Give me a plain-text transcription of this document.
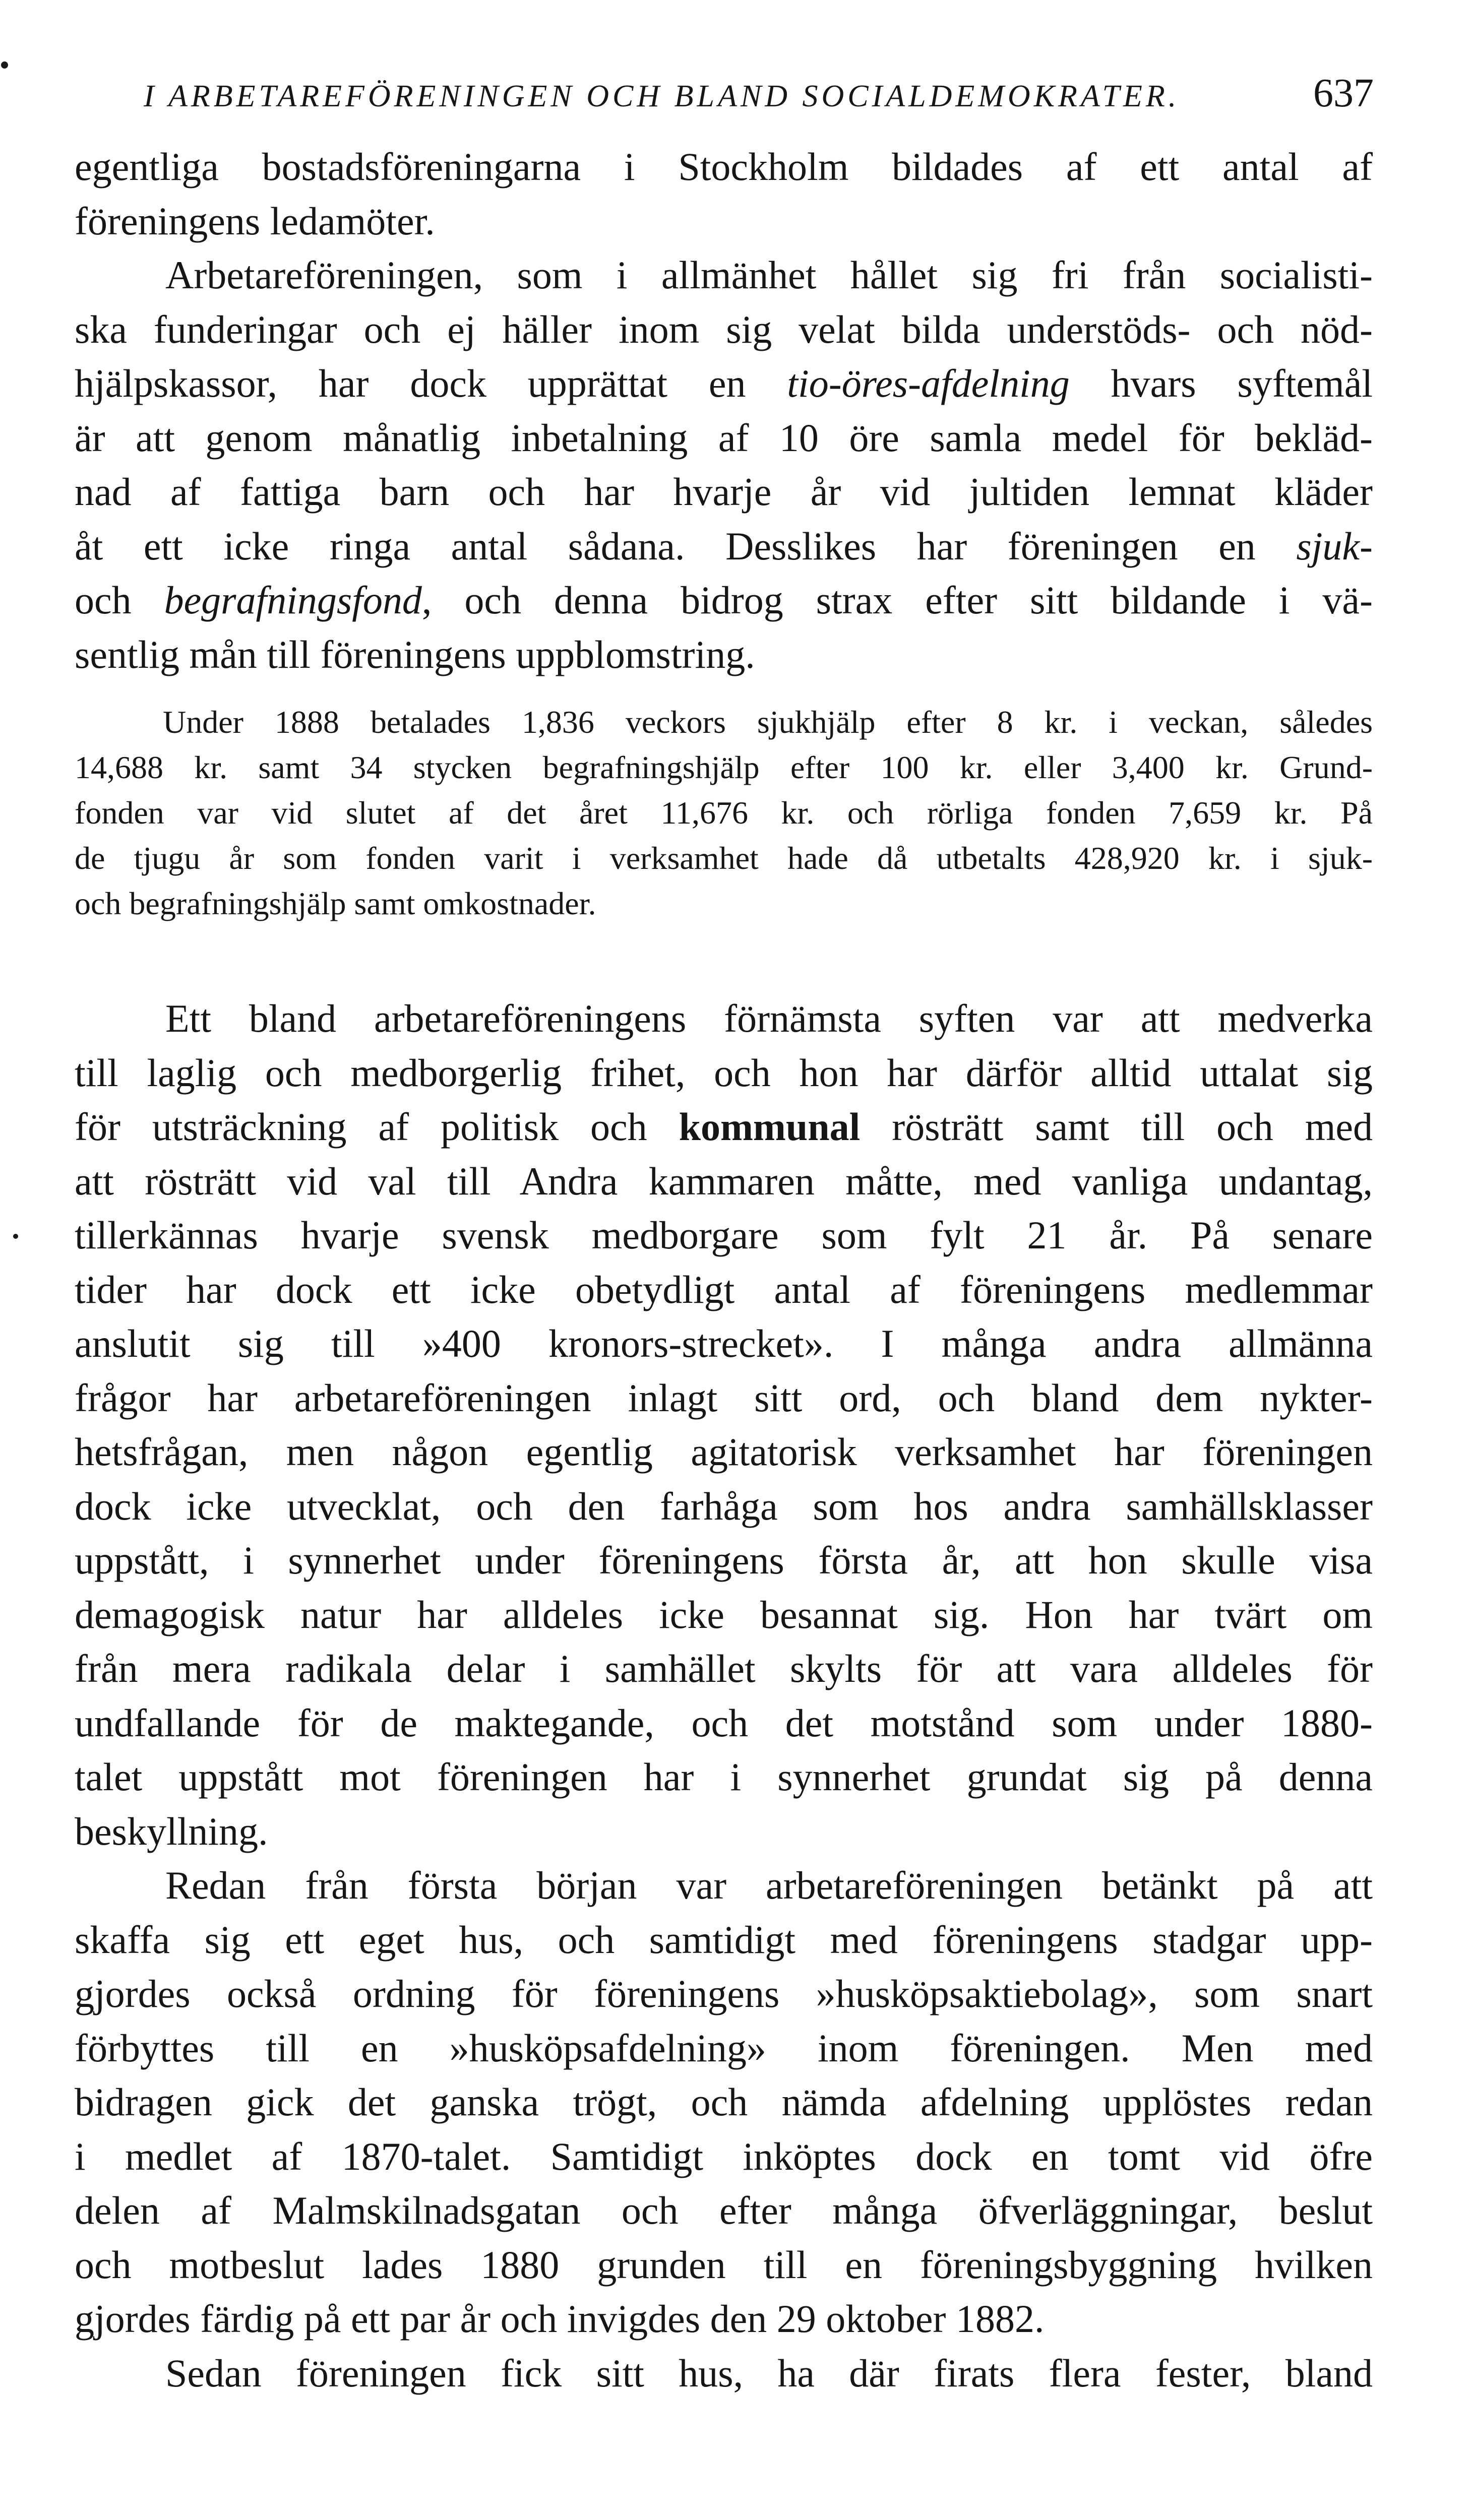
I ARBETAREFÖRENINGEN OCH BLAND SOCIALDEMOKRATER.	637
egentliga bostadsföreningarna i Stockholm bildades af ett antal af
föreningens ledamöter.
Arbetareföreningen, som i allmänhet hållet sig fri från socialisti-
ska funderingar och ej häller inom sig velat bilda understöds- och nöd-
hjälpskassor, har dock upprättat en tio-öres-afdelning hvars syftemål
är att genom månatlig inbetalning af 10 öre samla medel för bekläd-
nad af fattiga barn och har hvarje år vid jultiden lemnat kläder
åt ett icke ringa antal sådana. Desslikes har föreningen en sjuk-
och begrafningsfond, och denna bidrog strax efter sitt bildande i vä-
sentlig mån till föreningens uppblomstring.
Under 1888 betalades 1,836 veckors sjukhjälp efter 8 kr. i veckan, således
14,688 kr. samt 34 stycken begrafningshjälp efter 100 kr. eller 3,400 kr. Grund-
fonden var vid slutet af det året 11,676 kr. och rörliga fonden 7,659 kr. På
de tjugu år som fonden varit i verksamhet hade då utbetalts 428,920 kr. i sjuk-
och begrafningshjälp samt omkostnader.
Ett bland arbetareföreningens förnämsta syften var att medverka
till laglig och medborgerlig frihet, och hon har därför alltid uttalat sig
för utsträckning af politisk och kommunal rösträtt samt till och med
att rösträtt vid val till Andra kammaren måtte, med vanliga undantag,
tillerkännas hvarje svensk medborgare som fylt 21 år. På senare
tider har dock ett icke obetydligt antal af föreningens medlemmar
anslutit sig till »400 kronors-strecket». I många andra allmänna
frågor har arbetareföreningen inlagt sitt ord, och bland dem nykter-
hetsfrågan, men någon egentlig agitatorisk verksamhet har föreningen
dock icke utvecklat, och den farhåga som hos andra samhällsklasser
uppstått, i synnerhet under föreningens första år, att hon skulle visa
demagogisk natur har alldeles icke besannat sig. Hon har tvärt om
från mera radikala delar i samhället skylts för att vara alldeles för
undfallande för de maktegande, och det motstånd som under 1880-
talet uppstått mot föreningen har i synnerhet grundat sig på denna
beskyllning.
Redan från första början var arbetareföreningen betänkt på att
skaffa sig ett eget hus, och samtidigt med föreningens stadgar upp-
gjordes också ordning för föreningens »husköpsaktiebolag», som snart
förbyttes till en »husköpsafdelning» inom föreningen. Men med
bidragen gick det ganska trögt, och nämda afdelning upplöstes redan
i medlet af 1870-talet. Samtidigt inköptes dock en tomt vid öfre
delen af Malmskilnadsgatan och efter många öfverläggningar, beslut
och motbeslut lades 1880 grunden till en föreningsbyggning hvilken
gjordes färdig på ett par år och invigdes den 29 oktober 1882.
Sedan föreningen fick sitt hus, ha där firats flera fester, bland
